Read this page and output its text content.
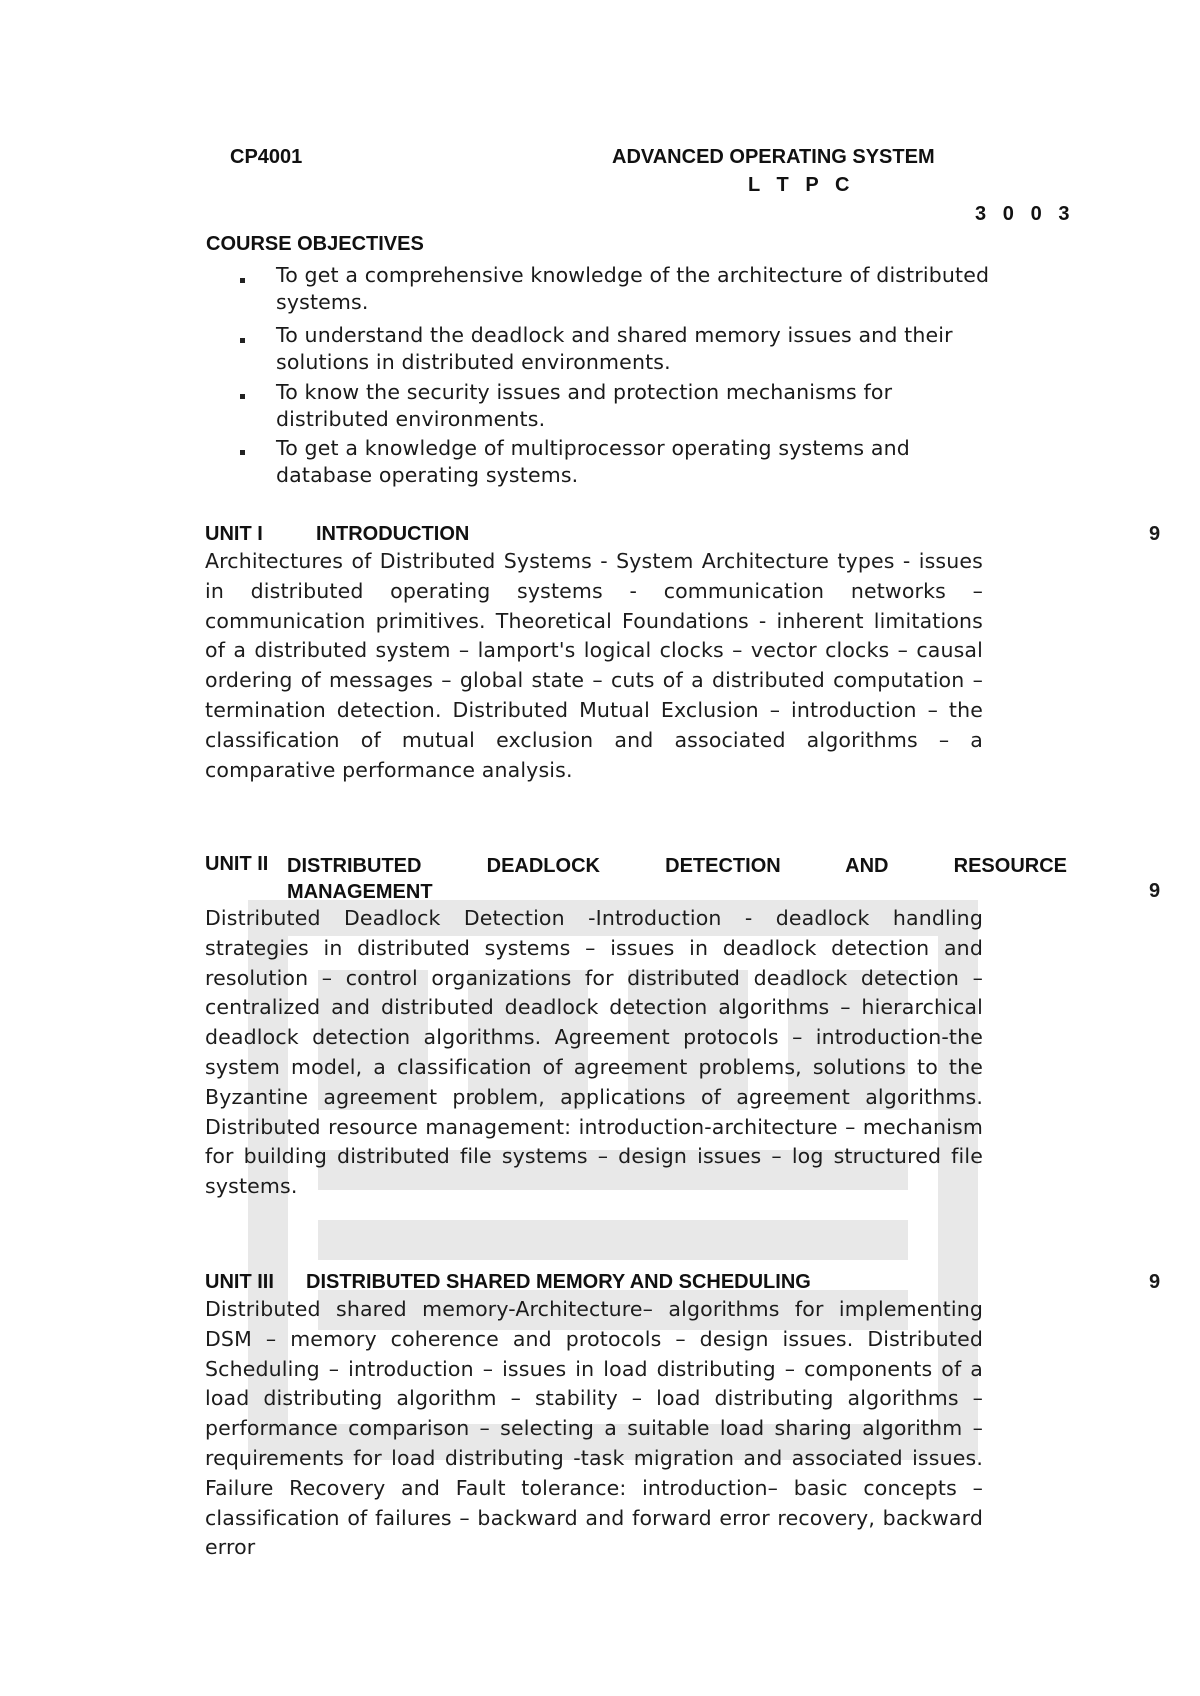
CP4001	ADVANCED OPERATING SYSTEM
L   T   P   C
3   0   0   3
COURSE OBJECTIVES
To get a comprehensive knowledge of the architecture of distributed systems.
To understand the deadlock and shared memory issues and their solutions in distributed environments.
To know the security issues and protection mechanisms for distributed environments.
To get a knowledge of multiprocessor operating systems and database operating systems.
UNIT I	INTRODUCTION	9
Architectures of Distributed Systems - System Architecture types - issues in distributed operating systems - communication networks – communication primitives. Theoretical Foundations - inherent limitations of a distributed system – lamport's logical clocks – vector clocks – causal ordering of messages – global state – cuts of a distributed computation – termination detection. Distributed Mutual Exclusion – introduction – the classification of mutual exclusion and associated algorithms – a comparative performance analysis.
UNIT II DISTRIBUTED DEADLOCK DETECTION AND RESOURCE MANAGEMENT	9
Distributed Deadlock Detection -Introduction - deadlock handling strategies in distributed systems – issues in deadlock detection and resolution – control organizations for distributed deadlock detection – centralized and distributed deadlock detection algorithms – hierarchical deadlock detection algorithms. Agreement protocols – introduction-the system model, a classification of agreement problems, solutions to the Byzantine agreement problem, applications of agreement algorithms. Distributed resource management: introduction-architecture – mechanism for building distributed file systems – design issues – log structured file systems.
UNIT III DISTRIBUTED SHARED MEMORY AND SCHEDULING	9
Distributed shared memory-Architecture– algorithms for implementing DSM – memory coherence and protocols – design issues. Distributed Scheduling – introduction – issues in load distributing – components of a load distributing algorithm – stability – load distributing algorithms – performance comparison – selecting a suitable load sharing algorithm – requirements for load distributing -task migration and associated issues. Failure Recovery and Fault tolerance: introduction– basic concepts – classification of failures – backward and forward error recovery, backward error
